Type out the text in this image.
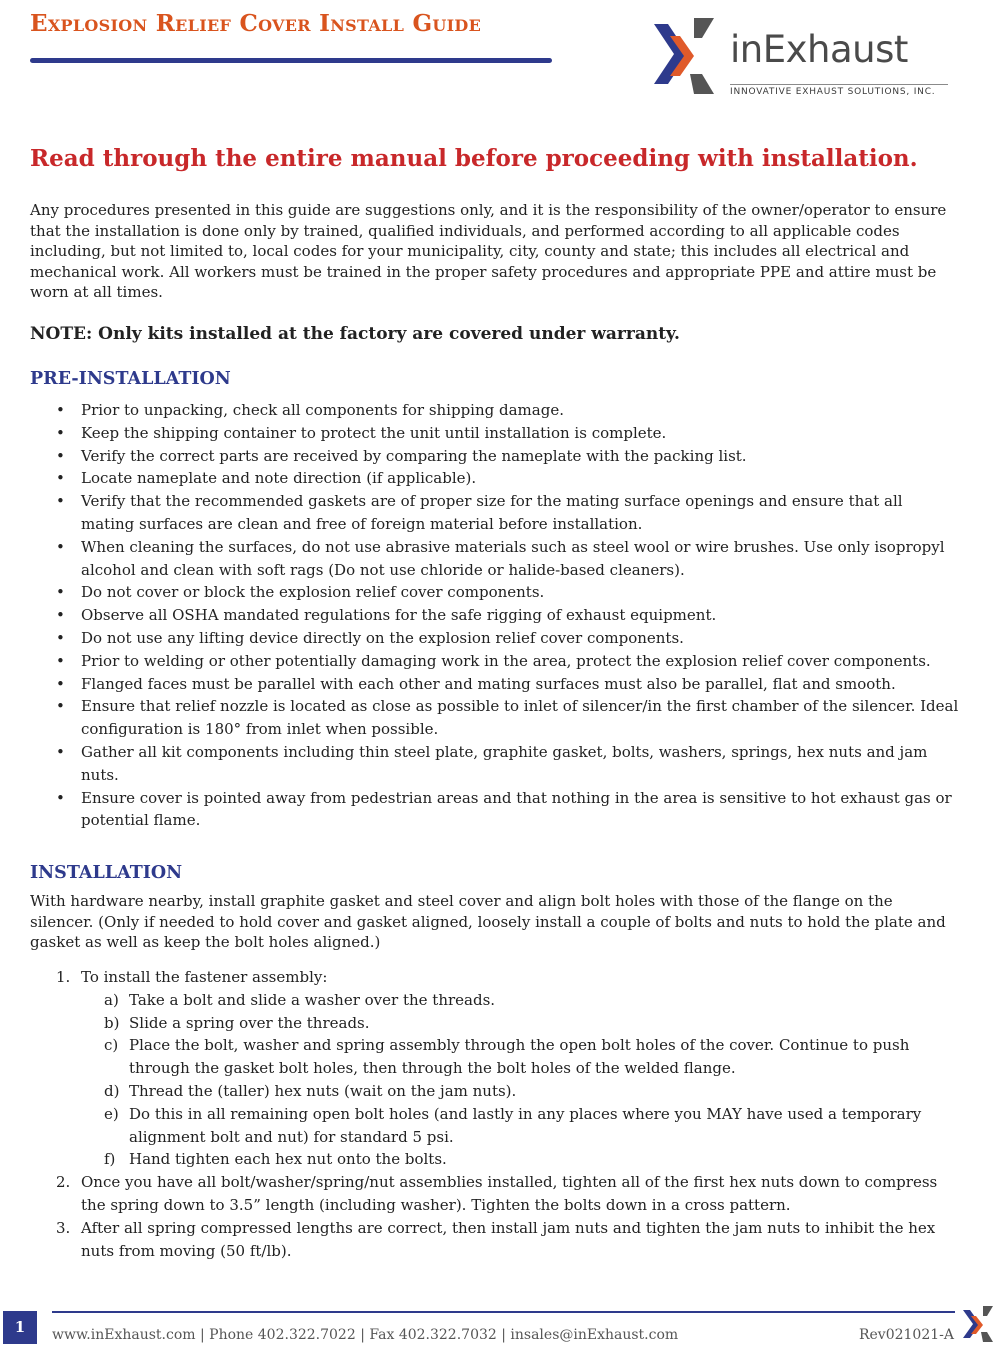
Explosion Relief Cover Install Guide
inExhaust
INNOVATIVE EXHAUST SOLUTIONS, INC.
Read through the entire manual before proceeding with installation.

Any procedures presented in this guide are suggestions only, and it is the responsibility of the owner/operator to ensure that the installation is done only by trained, qualified individuals, and performed according to all applicable codes including, but not limited to, local codes for your municipality, city, county and state; this includes all electrical and mechanical work. All workers must be trained in the proper safety procedures and appropriate PPE and attire must be worn at all times.

NOTE: Only kits installed at the factory are covered under warranty.

PRE-INSTALLATION
• Prior to unpacking, check all components for shipping damage.
• Keep the shipping container to protect the unit until installation is complete.
• Verify the correct parts are received by comparing the nameplate with the packing list.
• Locate nameplate and note direction (if applicable).
• Verify that the recommended gaskets are of proper size for the mating surface openings and ensure that all mating surfaces are clean and free of foreign material before installation.
• When cleaning the surfaces, do not use abrasive materials such as steel wool or wire brushes. Use only isopropyl alcohol and clean with soft rags (Do not use chloride or halide-based cleaners).
• Do not cover or block the explosion relief cover components.
• Observe all OSHA mandated regulations for the safe rigging of exhaust equipment.
• Do not use any lifting device directly on the explosion relief cover components.
• Prior to welding or other potentially damaging work in the area, protect the explosion relief cover components.
• Flanged faces must be parallel with each other and mating surfaces must also be parallel, flat and smooth.
• Ensure that relief nozzle is located as close as possible to inlet of silencer/in the first chamber of the silencer. Ideal configuration is 180° from inlet when possible.
• Gather all kit components including thin steel plate, graphite gasket, bolts, washers, springs, hex nuts and jam nuts.
• Ensure cover is pointed away from pedestrian areas and that nothing in the area is sensitive to hot exhaust gas or potential flame.
INSTALLATION

With hardware nearby, install graphite gasket and steel cover and align bolt holes with those of the flange on the silencer. (Only if needed to hold cover and gasket aligned, loosely install a couple of bolts and nuts to hold the plate and gasket as well as keep the bolt holes aligned.)

1. To install the fastener assembly:
a) Take a bolt and slide a washer over the threads.
b) Slide a spring over the threads.
c) Place the bolt, washer and spring assembly through the open bolt holes of the cover. Continue to push through the gasket bolt holes, then through the bolt holes of the welded flange.
d) Thread the (taller) hex nuts (wait on the jam nuts).
e) Do this in all remaining open bolt holes (and lastly in any places where you MAY have used a temporary alignment bolt and nut) for standard 5 psi.
f) Hand tighten each hex nut onto the bolts.
2. Once you have all bolt/washer/spring/nut assemblies installed, tighten all of the first hex nuts down to compress the spring down to 3.5” length (including washer). Tighten the bolts down in a cross pattern.
3. After all spring compressed lengths are correct, then install jam nuts and tighten the jam nuts to inhibit the hex nuts from moving (50 ft/lb).
1	www.inExhaust.com | Phone 402.322.7022 | Fax 402.322.7032 | insales@inExhaust.com	Rev021021-A
